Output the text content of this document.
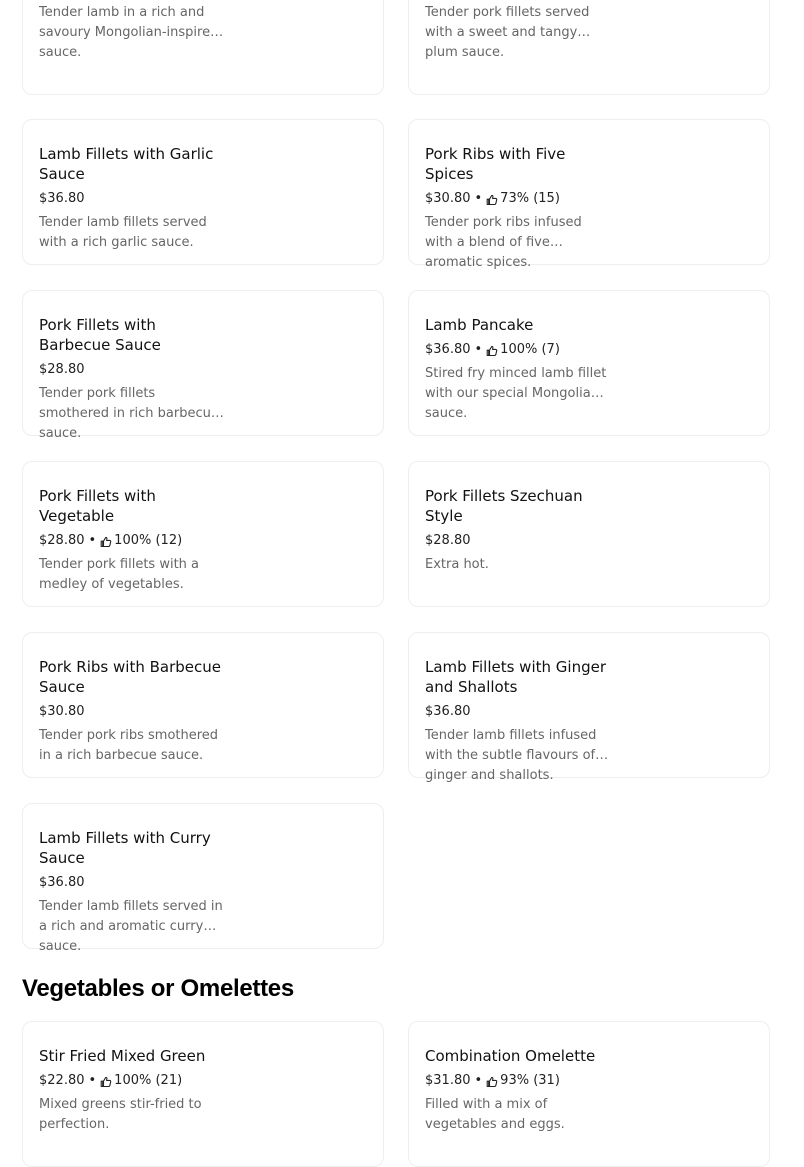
Tender lamb in a rich and savoury Mongolian-inspired sauce.

Tender pork fillets served with a sweet and tangy plum sauce.
Lamb Fillets with Garlic Sauce
$36.80
Tender lamb fillets served with a rich garlic sauce.
Pork Ribs with Five Spices
$30.80 • 73%
(15)
Tender pork ribs infused with a blend of five aromatic spices.
Pork Fillets with Barbecue Sauce
$28.80
Tender pork fillets smothered in rich barbecue sauce.
Lamb Pancake
$36.80 • 100%
(7)
Stired fry minced lamb fillet with our special Mongolian sauce.
Pork Fillets with Vegetable
$28.80 • 100%
(12)
Tender pork fillets with a medley of vegetables.
Pork Fillets Szechuan Style
$28.80
Extra hot.
Pork Ribs with Barbecue Sauce
$30.80
Tender pork ribs smothered in a rich barbecue sauce.
Lamb Fillets with Ginger and Shallots
$36.80
Tender lamb fillets infused with the subtle flavours of ginger and shallots.
Lamb Fillets with Curry Sauce
$36.80
Tender lamb fillets served in a rich and aromatic curry sauce.
Stir Fried Mixed Green
$22.80 • 100%
(21)
Mixed greens stir-fried to perfection.
Combination Omelette
$31.80 • 93%
(31)
Filled with a mix of vegetables and eggs.
Vegetables or Omelettes
